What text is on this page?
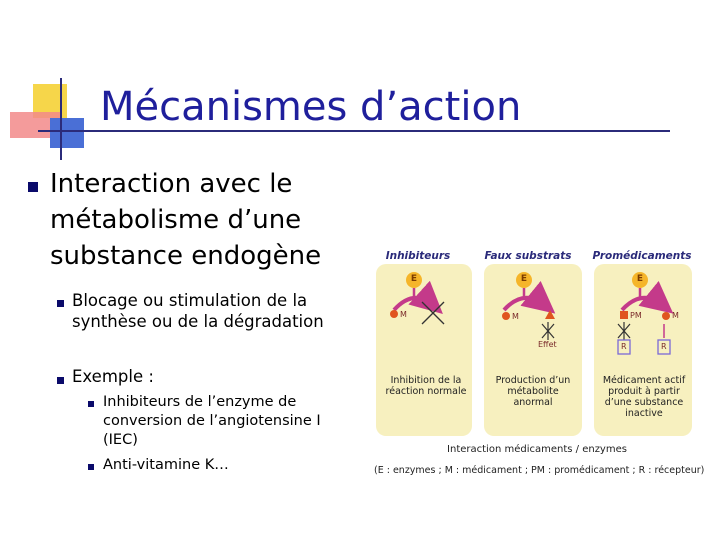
Mécanismes d’action

Interaction avec le métabolisme d’une substance endogène

Blocage ou stimulation de la synthèse ou de la dégradation

Exemple :

Inhibiteurs de l’enzyme de conversion de l’angiotensine I (IEC)

Anti-vitamine K…

Inhibiteurs	Faux substrats	Promédicaments
E	E	E
M	M	PM	M
R	R
Effet
Inhibition de la réaction normale
Production d’un métabolite anormal
Médicament actif produit à partir d’une substance inactive
Interaction médicaments / enzymes
(E : enzymes ; M : médicament ; PM : promédicament ; R : récepteur)
